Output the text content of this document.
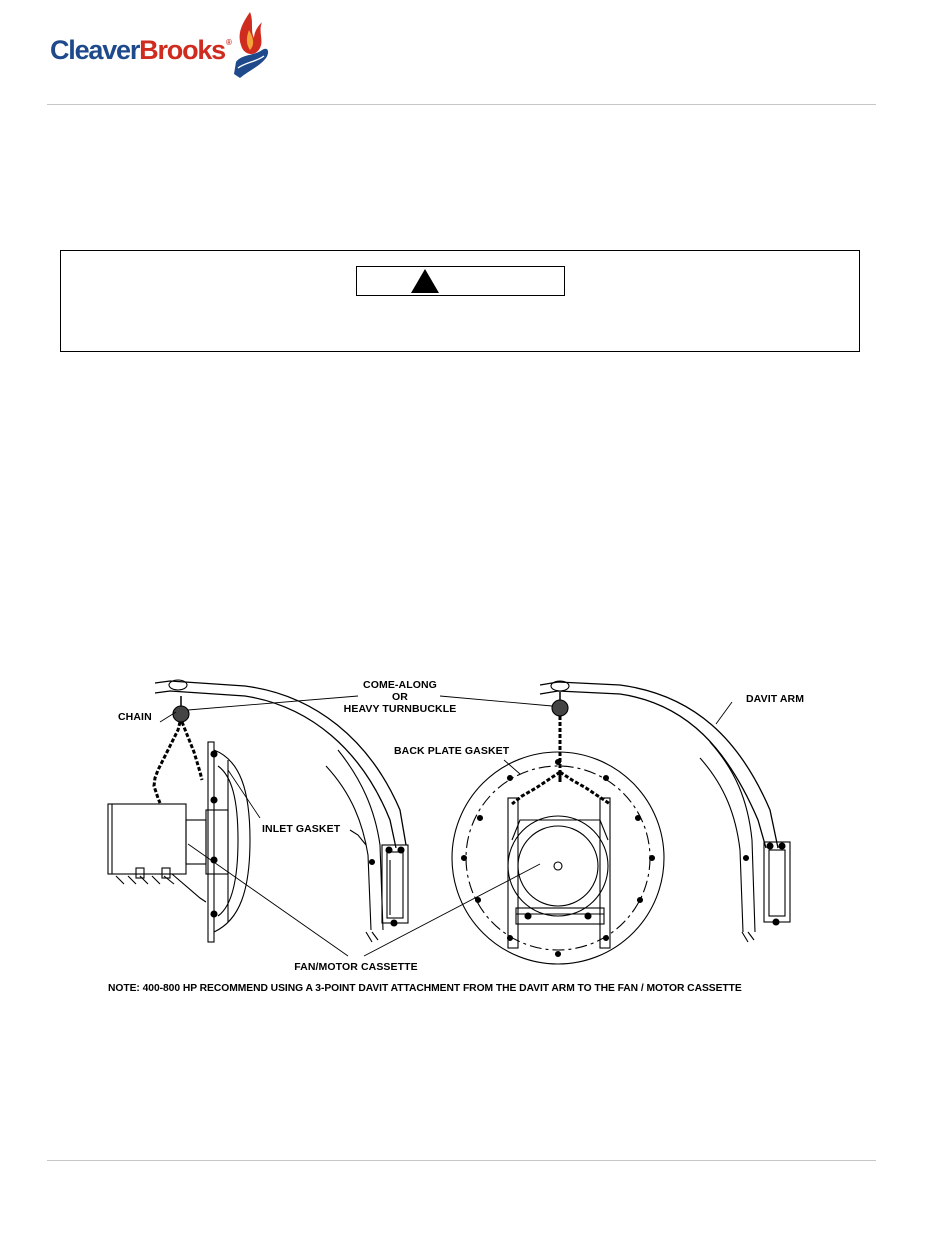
Cleaver Brooks ®
COME-ALONG
OR
HEAVY TURNBUCKLE
CHAIN
DAVIT ARM
BACK PLATE GASKET
INLET GASKET
FAN/MOTOR CASSETTE
NOTE: 400-800 HP RECOMMEND USING A 3-POINT DAVIT ATTACHMENT FROM THE DAVIT ARM TO THE FAN / MOTOR CASSETTE
